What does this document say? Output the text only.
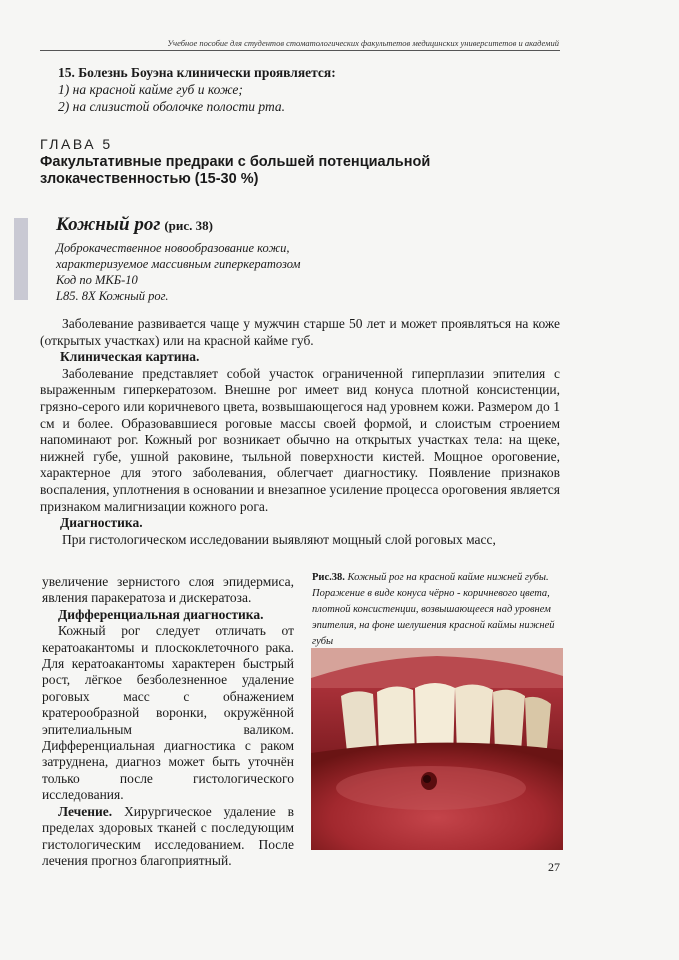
Учебное пособие для студентов стоматологических факультетов медицинских университетов и академий
15. Болезнь Боуэна клинически проявляется:
1) на красной кайме губ и коже;
2) на слизистой оболочке полости рта.
ГЛАВА 5
Факультативные предраки с большей потенциальной злокачественностью (15-30 %)
Кожный рог (рис. 38)
Доброкачественное новообразование кожи,
характеризуемое массивным гиперкератозом
Код по МКБ-10
L85. 8X Кожный рог.

Заболевание развивается чаще у мужчин старше 50 лет и может проявляться на коже (открытых участках) или на красной кайме губ.

Клиническая картина.

Заболевание представляет собой участок ограниченной гиперплазии эпителия с выраженным гиперкератозом. Внешне рог имеет вид конуса плотной консистенции, грязно-серого или коричневого цвета, возвышающегося над уровнем кожи. Размером до 1 см и более. Образовавшиеся роговые массы своей формой, и слоистым строением напоминают рог. Кожный рог возникает обычно на открытых участках тела: на щеке, нижней губе, ушной раковине, тыльной поверхности кистей. Мощное ороговение, характерное для этого заболевания, облегчает диагностику. Появление признаков воспаления, уплотнения в основании и внезапное усиление процесса ороговения является признаком малигнизации кожного рога.

Диагностика.

При гистологическом исследовании выявляют мощный слой роговых масс,

увеличение зернистого слоя эпидермиса, явления паракератоза и дискератоза.

Дифференциальная диагностика.

Кожный рог следует отличать от кератоакантомы и плоскоклеточного рака. Для кератоакантомы характерен быстрый рост, лёгкое безболезненное удаление роговых масс с обнажением кратерообразной воронки, окружённой эпителиальным валиком. Дифференциальная диагностика с раком затруднена, диагноз может быть уточнён только после гистологического исследования.

Лечение. Хирургическое удаление в пределах здоровых тканей с последующим гистологическим исследованием. После лечения прогноз благоприятный.

Рис.38. Кожный рог на красной кайме нижней губы. Поражение в виде конуса чёрно - коричневого цвета, плотной консистенции, возвышающееся над уровнем эпителия, на фоне шелушения красной каймы нижней губы
27
